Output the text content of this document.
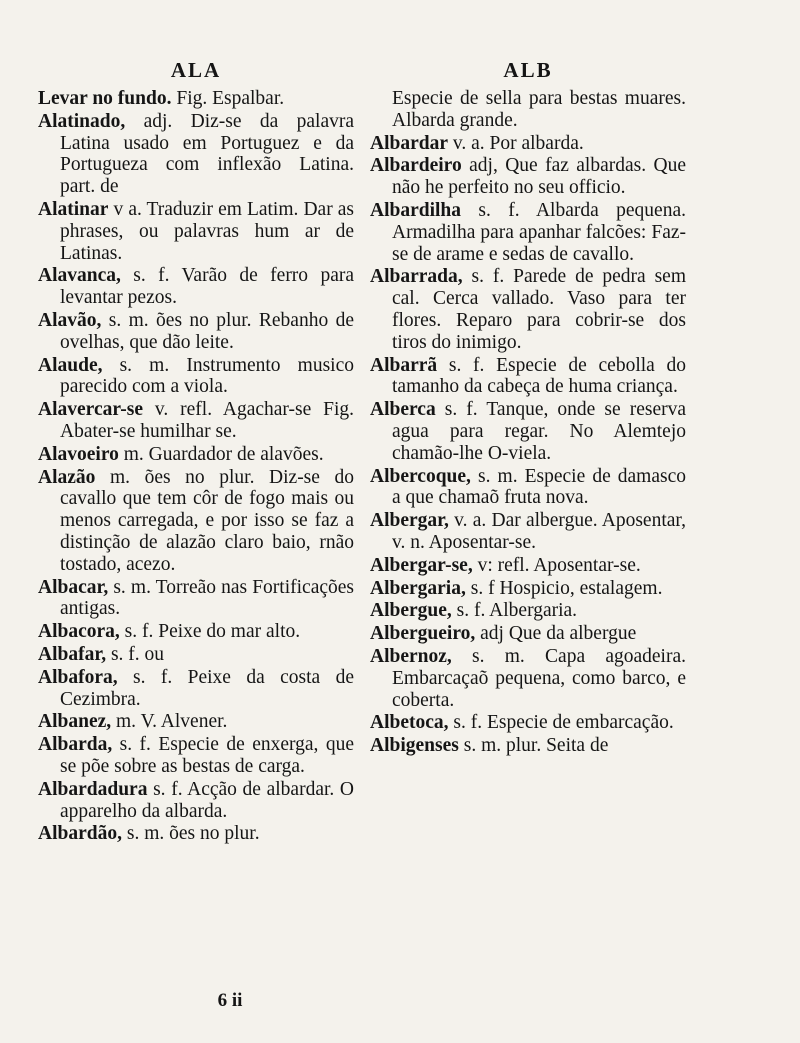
ALA
Levar no fundo. Fig. Espalbar.
Alatinado, adj. Diz-se da palavra Latina usado em Portuguez e da Portugueza com inflexão Latina. part. de
Alatinar v a. Traduzir em Latim. Dar as phrases, ou palavras hum ar de Latinas.
Alavanca, s. f. Varão de ferro para levantar pezos.
Alavão, s. m. ões no plur. Rebanho de ovelhas, que dão leite.
Alaude, s. m. Instrumento musico parecido com a viola.
Alavercar-se v. refl. Agachar-se Fig. Abater-se humilhar se.
Alavoeiro m. Guardador de alavões.
Alazão m. ões no plur. Diz-se do cavallo que tem côr de fogo mais ou menos carregada, e por isso se faz a distinção de alazão claro baio, rnão tostado, acezo.
Albacar, s. m. Torreão nas Fortificações antigas.
Albacora, s. f. Peixe do mar alto.
Albafar, s. f. ou
Albafora, s. f. Peixe da costa de Cezimbra.
Albanez, m. V. Alvener.
Albarda, s. f. Especie de enxerga, que se põe sobre as bestas de carga.
Albardadura s. f. Acção de albardar. O apparelho da albarda.
Albardão, s. m. ões no plur.
ALB
Especie de sella para bestas muares. Albarda grande.
Albardar v. a. Por albarda.
Albardeiro adj, Que faz albardas. Que não he perfeito no seu officio.
Albardilha s. f. Albarda pequena. Armadilha para apanhar falcões: Faz-se de arame e sedas de cavallo.
Albarrada, s. f. Parede de pedra sem cal. Cerca vallado. Vaso para ter flores. Reparo para cobrir-se dos tiros do inimigo.
Albarrã s. f. Especie de cebolla do tamanho da cabeça de huma criança.
Alberca s. f. Tanque, onde se reserva agua para regar. No Alemtejo chamão-lhe O-viela.
Albercoque, s. m. Especie de damasco a que chamaõ fruta nova.
Albergar, v. a. Dar albergue. Aposentar, v. n. Aposentar-se.
Albergar-se, v: refl. Aposentar-se.
Albergaria, s. f Hospicio, estalagem.
Albergue, s. f. Albergaria.
Albergueiro, adj Que da albergue
Albernoz, s. m. Capa agoadeira. Embarcaçaõ pequena, como barco, e coberta.
Albetoca, s. f. Especie de embarcação.
Albigenses s. m. plur. Seita de
6 ii
